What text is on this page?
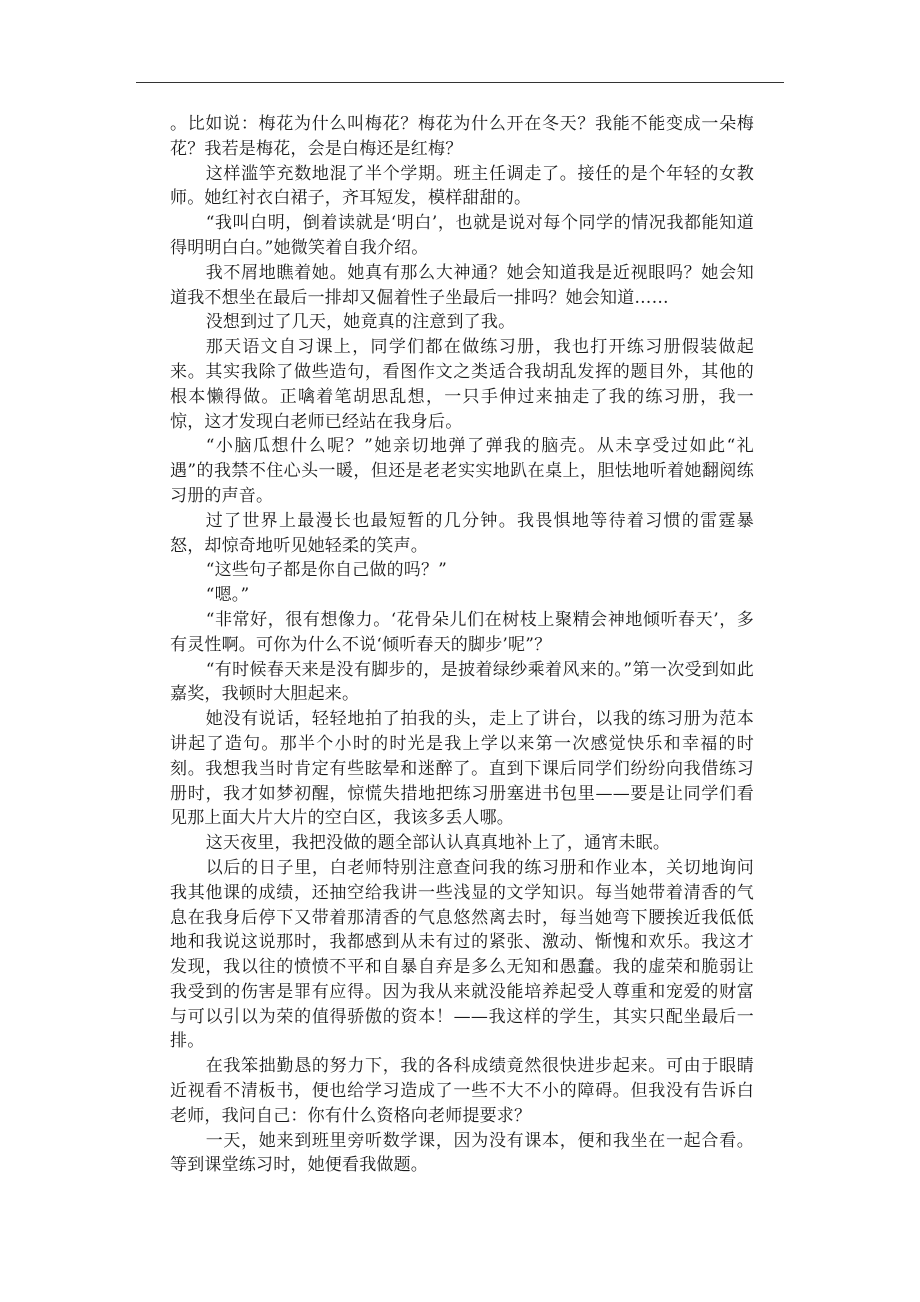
。比如说：梅花为什么叫梅花？梅花为什么开在冬天？我能不能变成一朵梅花？我若是梅花，会是白梅还是红梅？

这样滥竽充数地混了半个学期。班主任调走了。接任的是个年轻的女教师。她红衬衣白裙子，齐耳短发，模样甜甜的。

“我叫白明，倒着读就是‘明白’，也就是说对每个同学的情况我都能知道得明明白白。”她微笑着自我介绍。

我不屑地瞧着她。她真有那么大神通？她会知道我是近视眼吗？她会知道我不想坐在最后一排却又倔着性子坐最后一排吗？她会知道……

没想到过了几天，她竟真的注意到了我。

那天语文自习课上，同学们都在做练习册，我也打开练习册假装做起来。其实我除了做些造句，看图作文之类适合我胡乱发挥的题目外，其他的根本懒得做。正噙着笔胡思乱想，一只手伸过来抽走了我的练习册，我一惊，这才发现白老师已经站在我身后。

“小脑瓜想什么呢？”她亲切地弹了弹我的脑壳。从未享受过如此“礼遇”的我禁不住心头一暖，但还是老老实实地趴在桌上，胆怯地听着她翻阅练习册的声音。

过了世界上最漫长也最短暂的几分钟。我畏惧地等待着习惯的雷霆暴怒，却惊奇地听见她轻柔的笑声。

“这些句子都是你自己做的吗？”

“嗯。”

“非常好，很有想像力。‘花骨朵儿们在树枝上聚精会神地倾听春天’，多有灵性啊。可你为什么不说‘倾听春天的脚步’呢”？

“有时候春天来是没有脚步的，是披着绿纱乘着风来的。”第一次受到如此嘉奖，我顿时大胆起来。

她没有说话，轻轻地拍了拍我的头，走上了讲台，以我的练习册为范本讲起了造句。那半个小时的时光是我上学以来第一次感觉快乐和幸福的时刻。我想我当时肯定有些眩晕和迷醉了。直到下课后同学们纷纷向我借练习册时，我才如梦初醒，惊慌失措地把练习册塞进书包里——要是让同学们看见那上面大片大片的空白区，我该多丢人哪。

这天夜里，我把没做的题全部认认真真地补上了，通宵未眠。

以后的日子里，白老师特别注意查问我的练习册和作业本，关切地询问我其他课的成绩，还抽空给我讲一些浅显的文学知识。每当她带着清香的气息在我身后停下又带着那清香的气息悠然离去时，每当她弯下腰挨近我低低地和我说这说那时，我都感到从未有过的紧张、激动、惭愧和欢乐。我这才发现，我以往的愤愤不平和自暴自弃是多么无知和愚蠢。我的虚荣和脆弱让我受到的伤害是罪有应得。因为我从来就没能培养起受人尊重和宠爱的财富与可以引以为荣的值得骄傲的资本！——我这样的学生，其实只配坐最后一排。

在我笨拙勤恳的努力下，我的各科成绩竟然很快进步起来。可由于眼睛近视看不清板书，便也给学习造成了一些不大不小的障碍。但我没有告诉白老师，我问自己：你有什么资格向老师提要求？

一天，她来到班里旁听数学课，因为没有课本，便和我坐在一起合看。等到课堂练习时，她便看我做题。
